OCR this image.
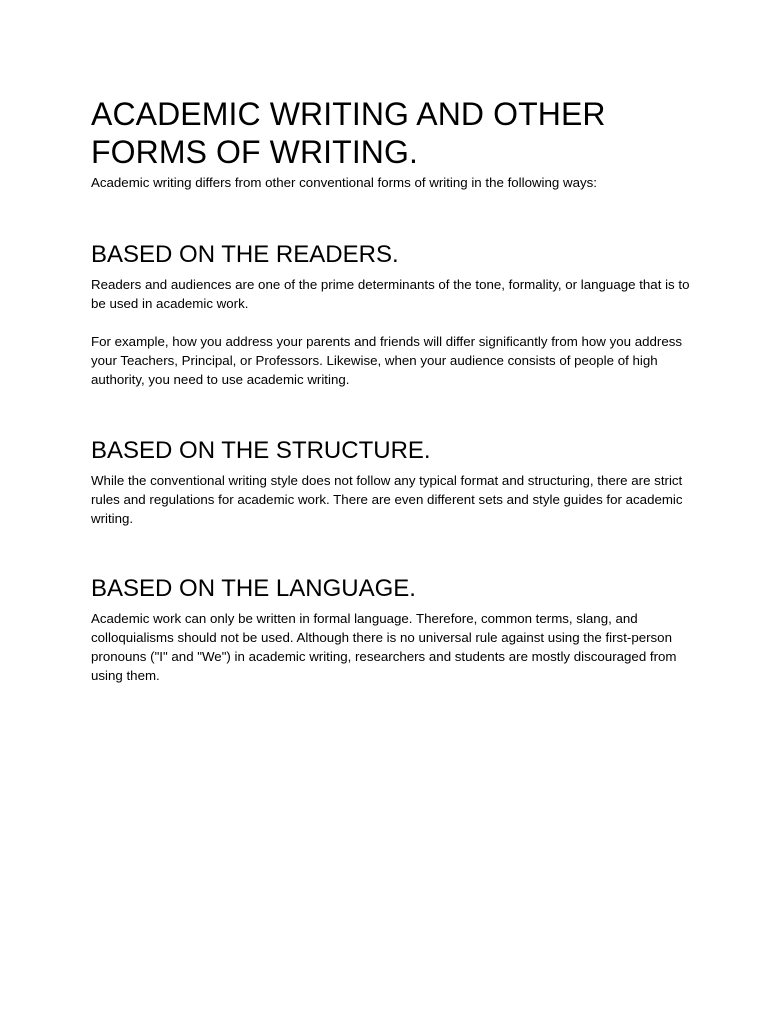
ACADEMIC WRITING AND OTHER FORMS OF WRITING.

Academic writing differs from other conventional forms of writing in the following ways:

BASED ON THE READERS.

Readers and audiences are one of the prime determinants of the tone, formality, or language that is to be used in academic work.

For example, how you address your parents and friends will differ significantly from how you address your Teachers, Principal, or Professors. Likewise, when your audience consists of people of high authority, you need to use academic writing.

BASED ON THE STRUCTURE.

While the conventional writing style does not follow any typical format and structuring, there are strict rules and regulations for academic work. There are even different sets and style guides for academic writing.

BASED ON THE LANGUAGE.

Academic work can only be written in formal language. Therefore, common terms, slang, and colloquialisms should not be used. Although there is no universal rule against using the first-person pronouns ("I" and "We") in academic writing, researchers and students are mostly discouraged from using them.
